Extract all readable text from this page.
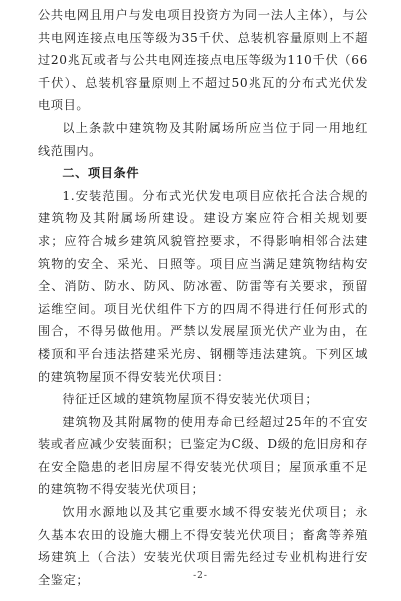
公共电网且用户与发电项目投资方为同一法人主体），与公共电网连接点电压等级为35千伏、总装机容量原则上不超过20兆瓦或者与公共电网连接点电压等级为110千伏（66千伏）、总装机容量原则上不超过50兆瓦的分布式光伏发电项目。

以上条款中建筑物及其附属场所应当位于同一用地红线范围内。

二、项目条件

1.安装范围。分布式光伏发电项目应依托合法合规的建筑物及其附属场所建设。建设方案应符合相关规划要求；应符合城乡建筑风貌管控要求，不得影响相邻合法建筑物的安全、采光、日照等。项目应当满足建筑物结构安全、消防、防水、防风、防冰雹、防雷等有关要求，预留运维空间。项目光伏组件下方的四周不得进行任何形式的围合，不得另做他用。严禁以发展屋顶光伏产业为由，在楼顶和平台违法搭建采光房、钢棚等违法建筑。下列区域的建筑物屋顶不得安装光伏项目：

待征迁区域的建筑物屋顶不得安装光伏项目；

建筑物及其附属物的使用寿命已经超过25年的不宜安装或者应减少安装面积；已鉴定为C级、D级的危旧房和存在安全隐患的老旧房屋不得安装光伏项目；屋顶承重不足的建筑物不得安装光伏项目；

饮用水源地以及其它重要水域不得安装光伏项目；永久基本农田的设施大棚上不得安装光伏项目；畜禽等养殖场建筑上（合法）安装光伏项目需先经过专业机构进行安全鉴定；	-2-
